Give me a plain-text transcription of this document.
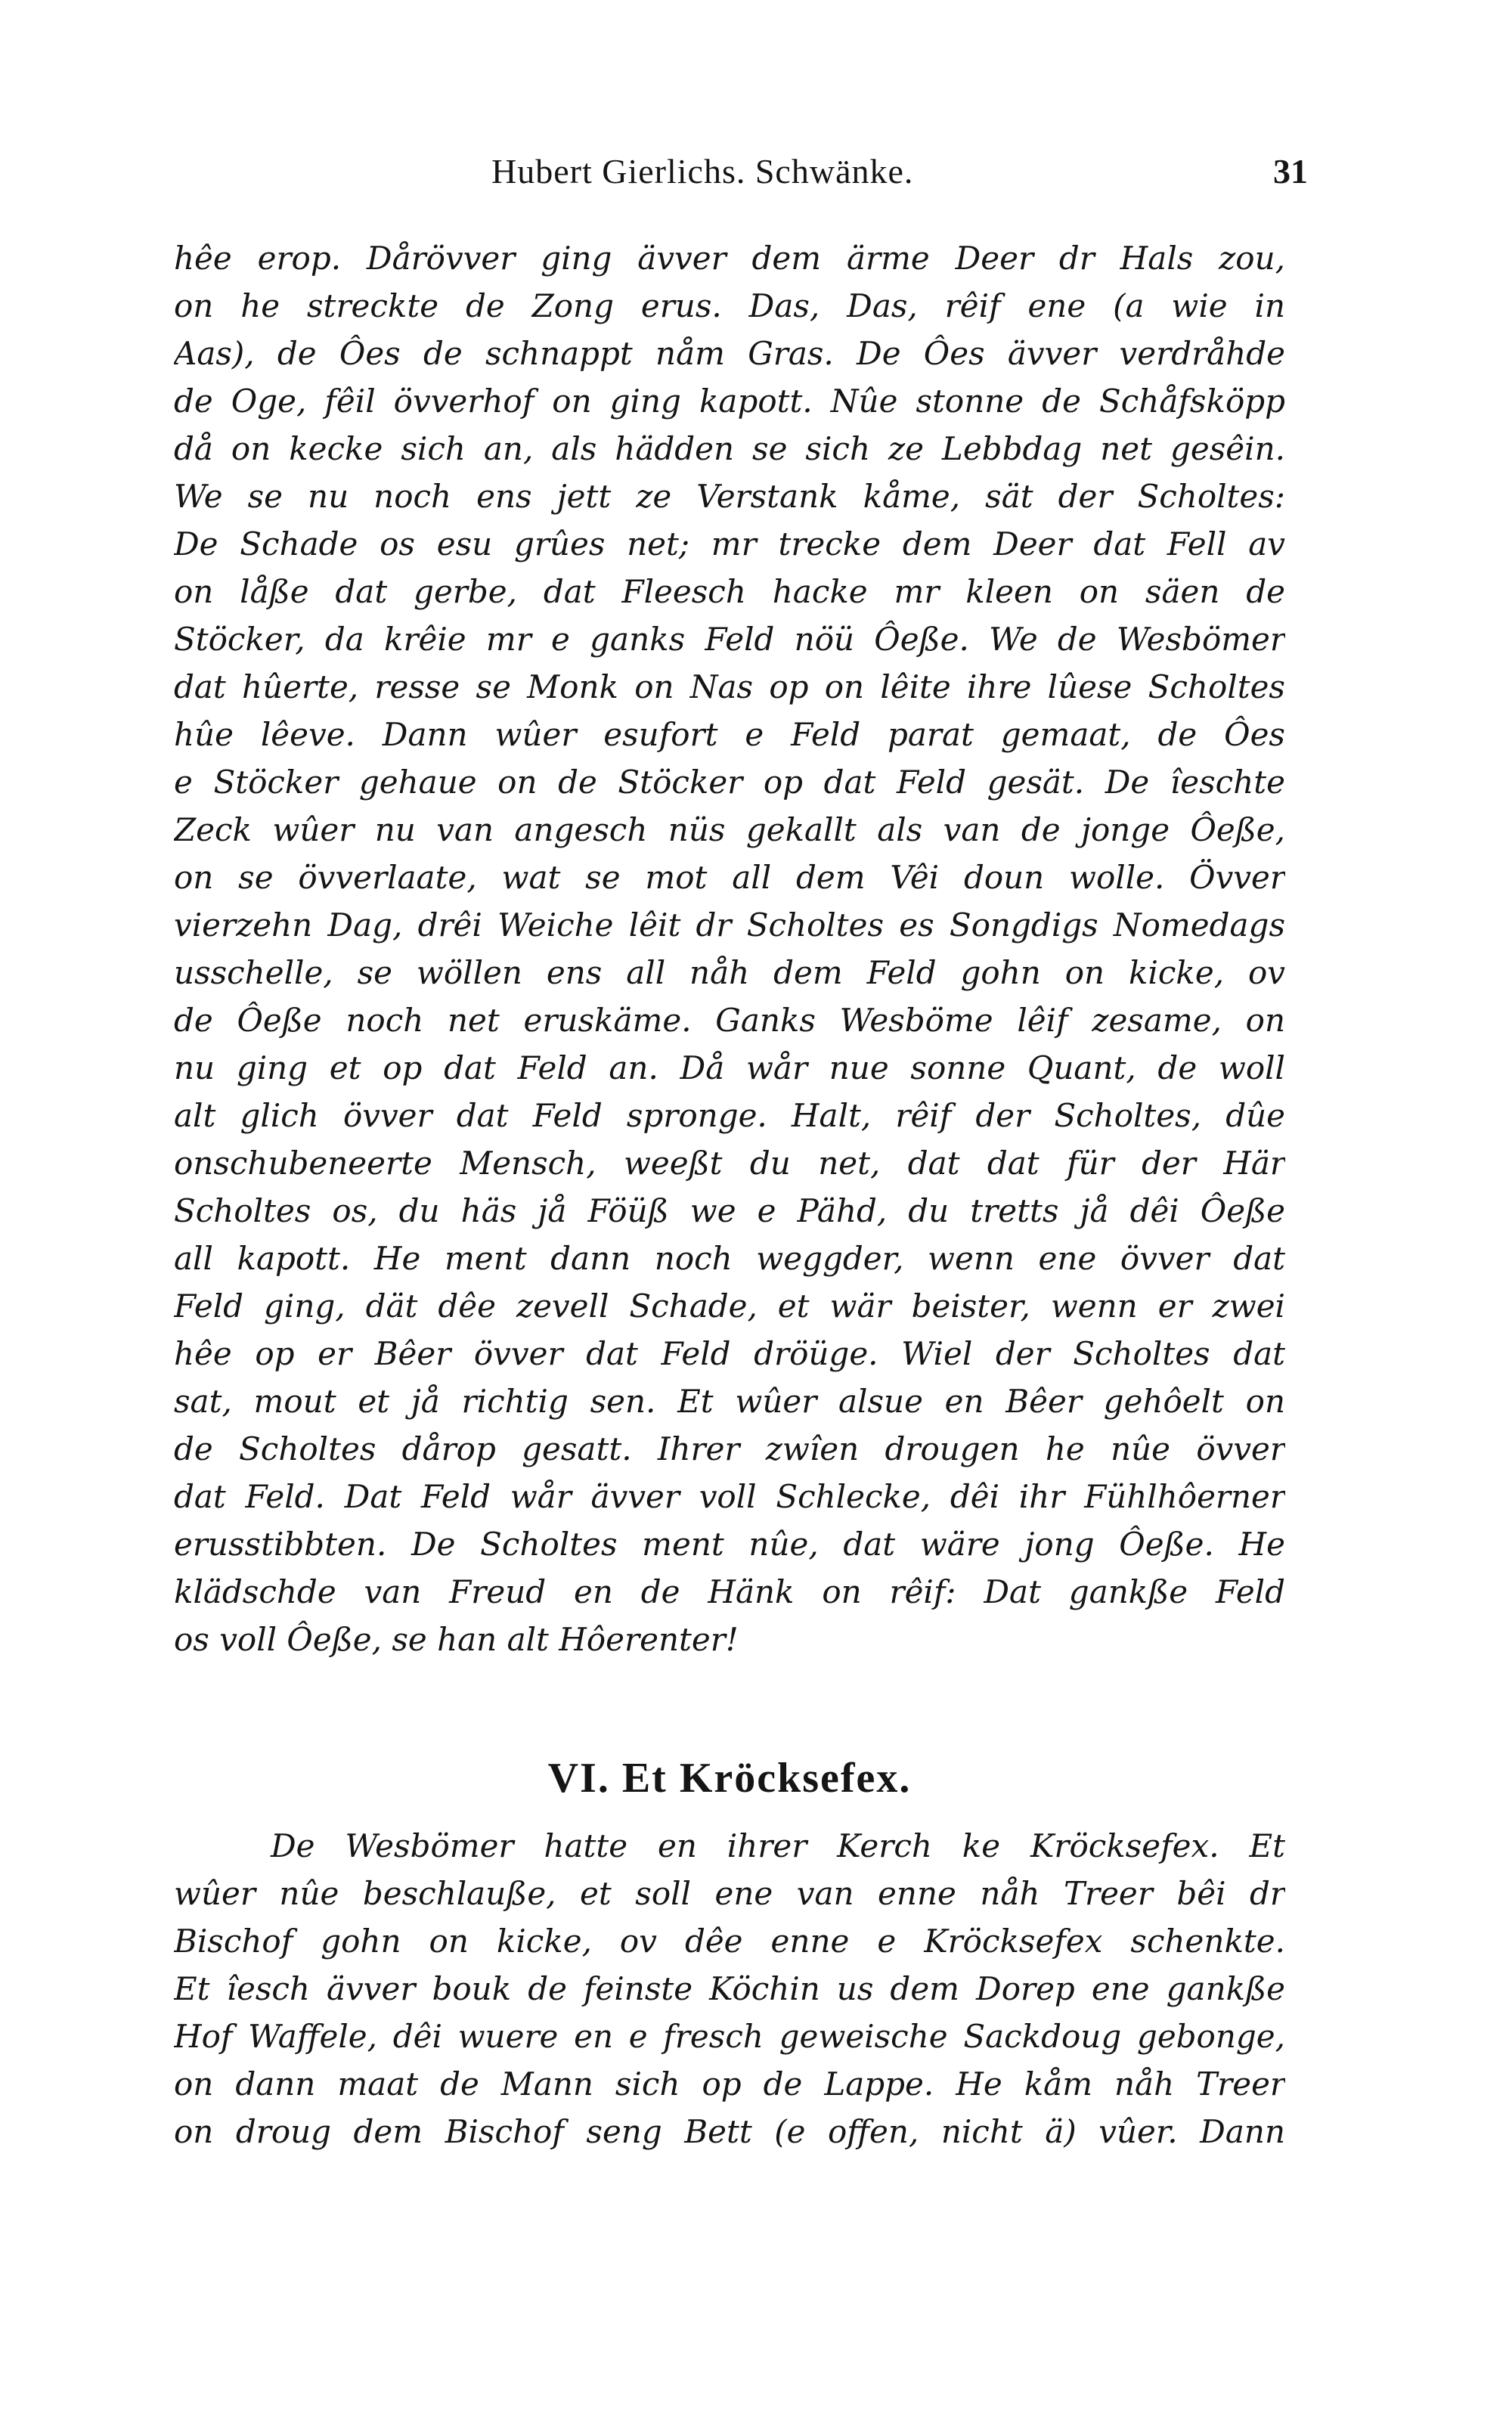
Hubert Gierlichs. Schwänke.	31
hêe erop. Dårövver ging ävver dem ärme Deer dr Hals zou,
on he streckte de Zong erus. Das, Das, rêif ene (a wie in
Aas), de Ôes de schnappt nåm Gras. De Ôes ävver verdråhde
de Oge, fêil övverhof on ging kapott. Nûe stonne de Schåfsköpp
då on kecke sich an, als hädden se sich ze Lebbdag net gesêin.
We se nu noch ens jett ze Verstank kåme, sät der Scholtes:
De Schade os esu grûes net; mr trecke dem Deer dat Fell av
on låße dat gerbe, dat Fleesch hacke mr kleen on säen de
Stöcker, da krêie mr e ganks Feld nöü Ôeße. We de Wesbömer
dat hûerte, resse se Monk on Nas op on lêite ihre lûese Scholtes
hûe lêeve. Dann wûer esufort e Feld parat gemaat, de Ôes
e Stöcker gehaue on de Stöcker op dat Feld gesät. De îeschte
Zeck wûer nu van angesch nüs gekallt als van de jonge Ôeße,
on se övverlaate, wat se mot all dem Vêi doun wolle. Övver
vierzehn Dag, drêi Weiche lêit dr Scholtes es Songdigs Nomedags
usschelle, se wöllen ens all nåh dem Feld gohn on kicke, ov
de Ôeße noch net eruskäme. Ganks Wesböme lêif zesame, on
nu ging et op dat Feld an. Då wår nue sonne Quant, de woll
alt glich övver dat Feld spronge. Halt, rêif der Scholtes, dûe
onschubeneerte Mensch, weeßt du net, dat dat für der Här
Scholtes os, du häs jå Föüß we e Pähd, du tretts jå dêi Ôeße
all kapott. He ment dann noch weggder, wenn ene övver dat
Feld ging, dät dêe zevell Schade, et wär beister, wenn er zwei
hêe op er Bêer övver dat Feld dröüge. Wiel der Scholtes dat
sat, mout et jå richtig sen. Et wûer alsue en Bêer gehôelt on
de Scholtes dårop gesatt. Ihrer zwîen drougen he nûe övver
dat Feld. Dat Feld wår ävver voll Schlecke, dêi ihr Fühlhôerner
erusstibbten. De Scholtes ment nûe, dat wäre jong Ôeße. He
klädschde van Freud en de Hänk on rêif: Dat gankße Feld
os voll Ôeße, se han alt Hôerenter!
VI. Et Kröcksefex.
De Wesbömer hatte en ihrer Kerch ke Kröcksefex. Et
wûer nûe beschlauße, et soll ene van enne nåh Treer bêi dr
Bischof gohn on kicke, ov dêe enne e Kröcksefex schenkte.
Et îesch ävver bouk de feinste Köchin us dem Dorep ene gankße
Hof Waffele, dêi wuere en e fresch geweische Sackdoug gebonge,
on dann maat de Mann sich op de Lappe. He kåm nåh Treer
on droug dem Bischof seng Bett (e offen, nicht ä) vûer. Dann
